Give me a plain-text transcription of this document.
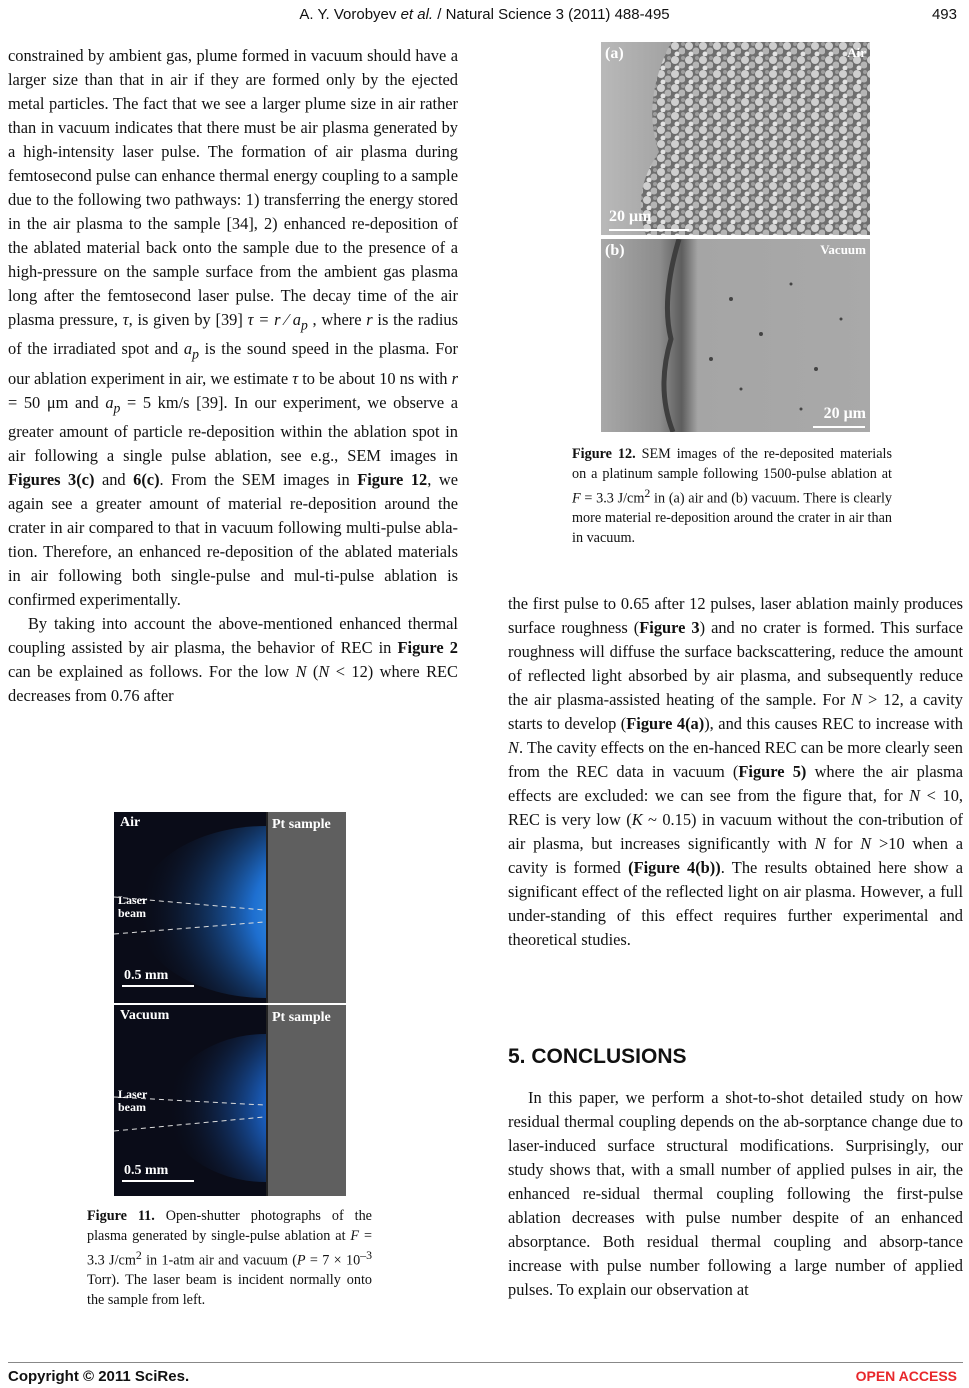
A. Y. Vorobyev et al. / Natural Science 3 (2011) 488-495	493

constrained by ambient gas, plume formed in vacuum should have a larger size than that in air if they are formed only by the ejected metal particles. The fact that we see a larger plume size in air rather than in vacuum indicates that there must be air plasma generated by a high-intensity laser pulse. The formation of air plasma during femtosecond pulse can enhance thermal energy coupling to a sample due to the following two pathways: 1) transferring the energy stored in the air plasma to the sample [34], 2) enhanced re-deposition of the ablated material back onto the sample due to the presence of a high-pressure on the sample surface from the ambient gas plasma long after the femtosecond laser pulse. The decay time of the air plasma pressure, τ, is given by [39] τ = r ⁄ $a_p$ , where r is the radius of the irradiated spot and $a_p$ is the sound speed in the plasma. For our ablation experiment in air, we estimate τ to be about 10 ns with r = 50 μm and $a_p = 5$ km/s [39]. In our experiment, we observe a greater amount of particle re-deposition within the ablation spot in air following a single pulse ablation, see e.g., SEM images in Figures 3(c) and 6(c). From the SEM images in Figure 12, we again see a greater amount of material re-deposition around the crater in air compared to that in vacuum following multi-pulse abla-tion. Therefore, an enhanced re-deposition of the ablated materials in air following both single-pulse and mul-ti-pulse ablation is confirmed experimentally.

By taking into account the above-mentioned enhanced thermal coupling assisted by air plasma, the behavior of REC in Figure 2 can be explained as follows. For the low N (N < 12) where REC decreases from 0.76 after

Air	Pt sample
Laser
beam
0.5 mm
Vacuum	Pt sample
Laser
beam
0.5 mm
Figure 11. Open-shutter photographs of the plasma generated by single-pulse ablation at F = 3.3 $J/cm^2$ in 1-atm air and vacuum ($P = 7 \times 10^{-3}$ Torr). The laser beam is incident normally onto the sample from left.
(a)	Air
20 μm
(b)	Vacuum
20 μm
Figure 12. SEM images of the re-deposited materials on a platinum sample following 1500-pulse ablation at F = 3.3 $J/cm^2$ in (a) air and (b) vacuum. There is clearly more material re-deposition around the crater in air than in vacuum.

the first pulse to 0.65 after 12 pulses, laser ablation mainly produces surface roughness (Figure 3) and no crater is formed. This surface roughness will diffuse the surface backscattering, reduce the amount of reflected light absorbed by air plasma, and subsequently reduce the air plasma-assisted heating of the sample. For N > 12, a cavity starts to develop (Figure 4(a)), and this causes REC to increase with N. The cavity effects on the en-hanced REC can be more clearly seen from the REC data in vacuum (Figure 5) where the air plasma effects are excluded: we can see from the figure that, for N < 10, REC is very low (K ~ 0.15) in vacuum without the con-tribution of air plasma, but increases significantly with N for N >10 when a cavity is formed (Figure 4(b)). The results obtained here show a significant effect of the reflected light on air plasma. However, a full under-standing of this effect requires further experimental and theoretical studies.

5. CONCLUSIONS

In this paper, we perform a shot-to-shot detailed study on how residual thermal coupling depends on the ab-sorptance change due to laser-induced surface structural modifications. Surprisingly, our study shows that, with a small number of applied pulses in air, the enhanced re-sidual thermal coupling following the first-pulse ablation decreases with pulse number despite of an enhanced absorptance. Both residual thermal coupling and absorp-tance increase with pulse number following a large number of applied pulses. To explain our observation at

Copyright © 2011 SciRes.	OPEN ACCESS
